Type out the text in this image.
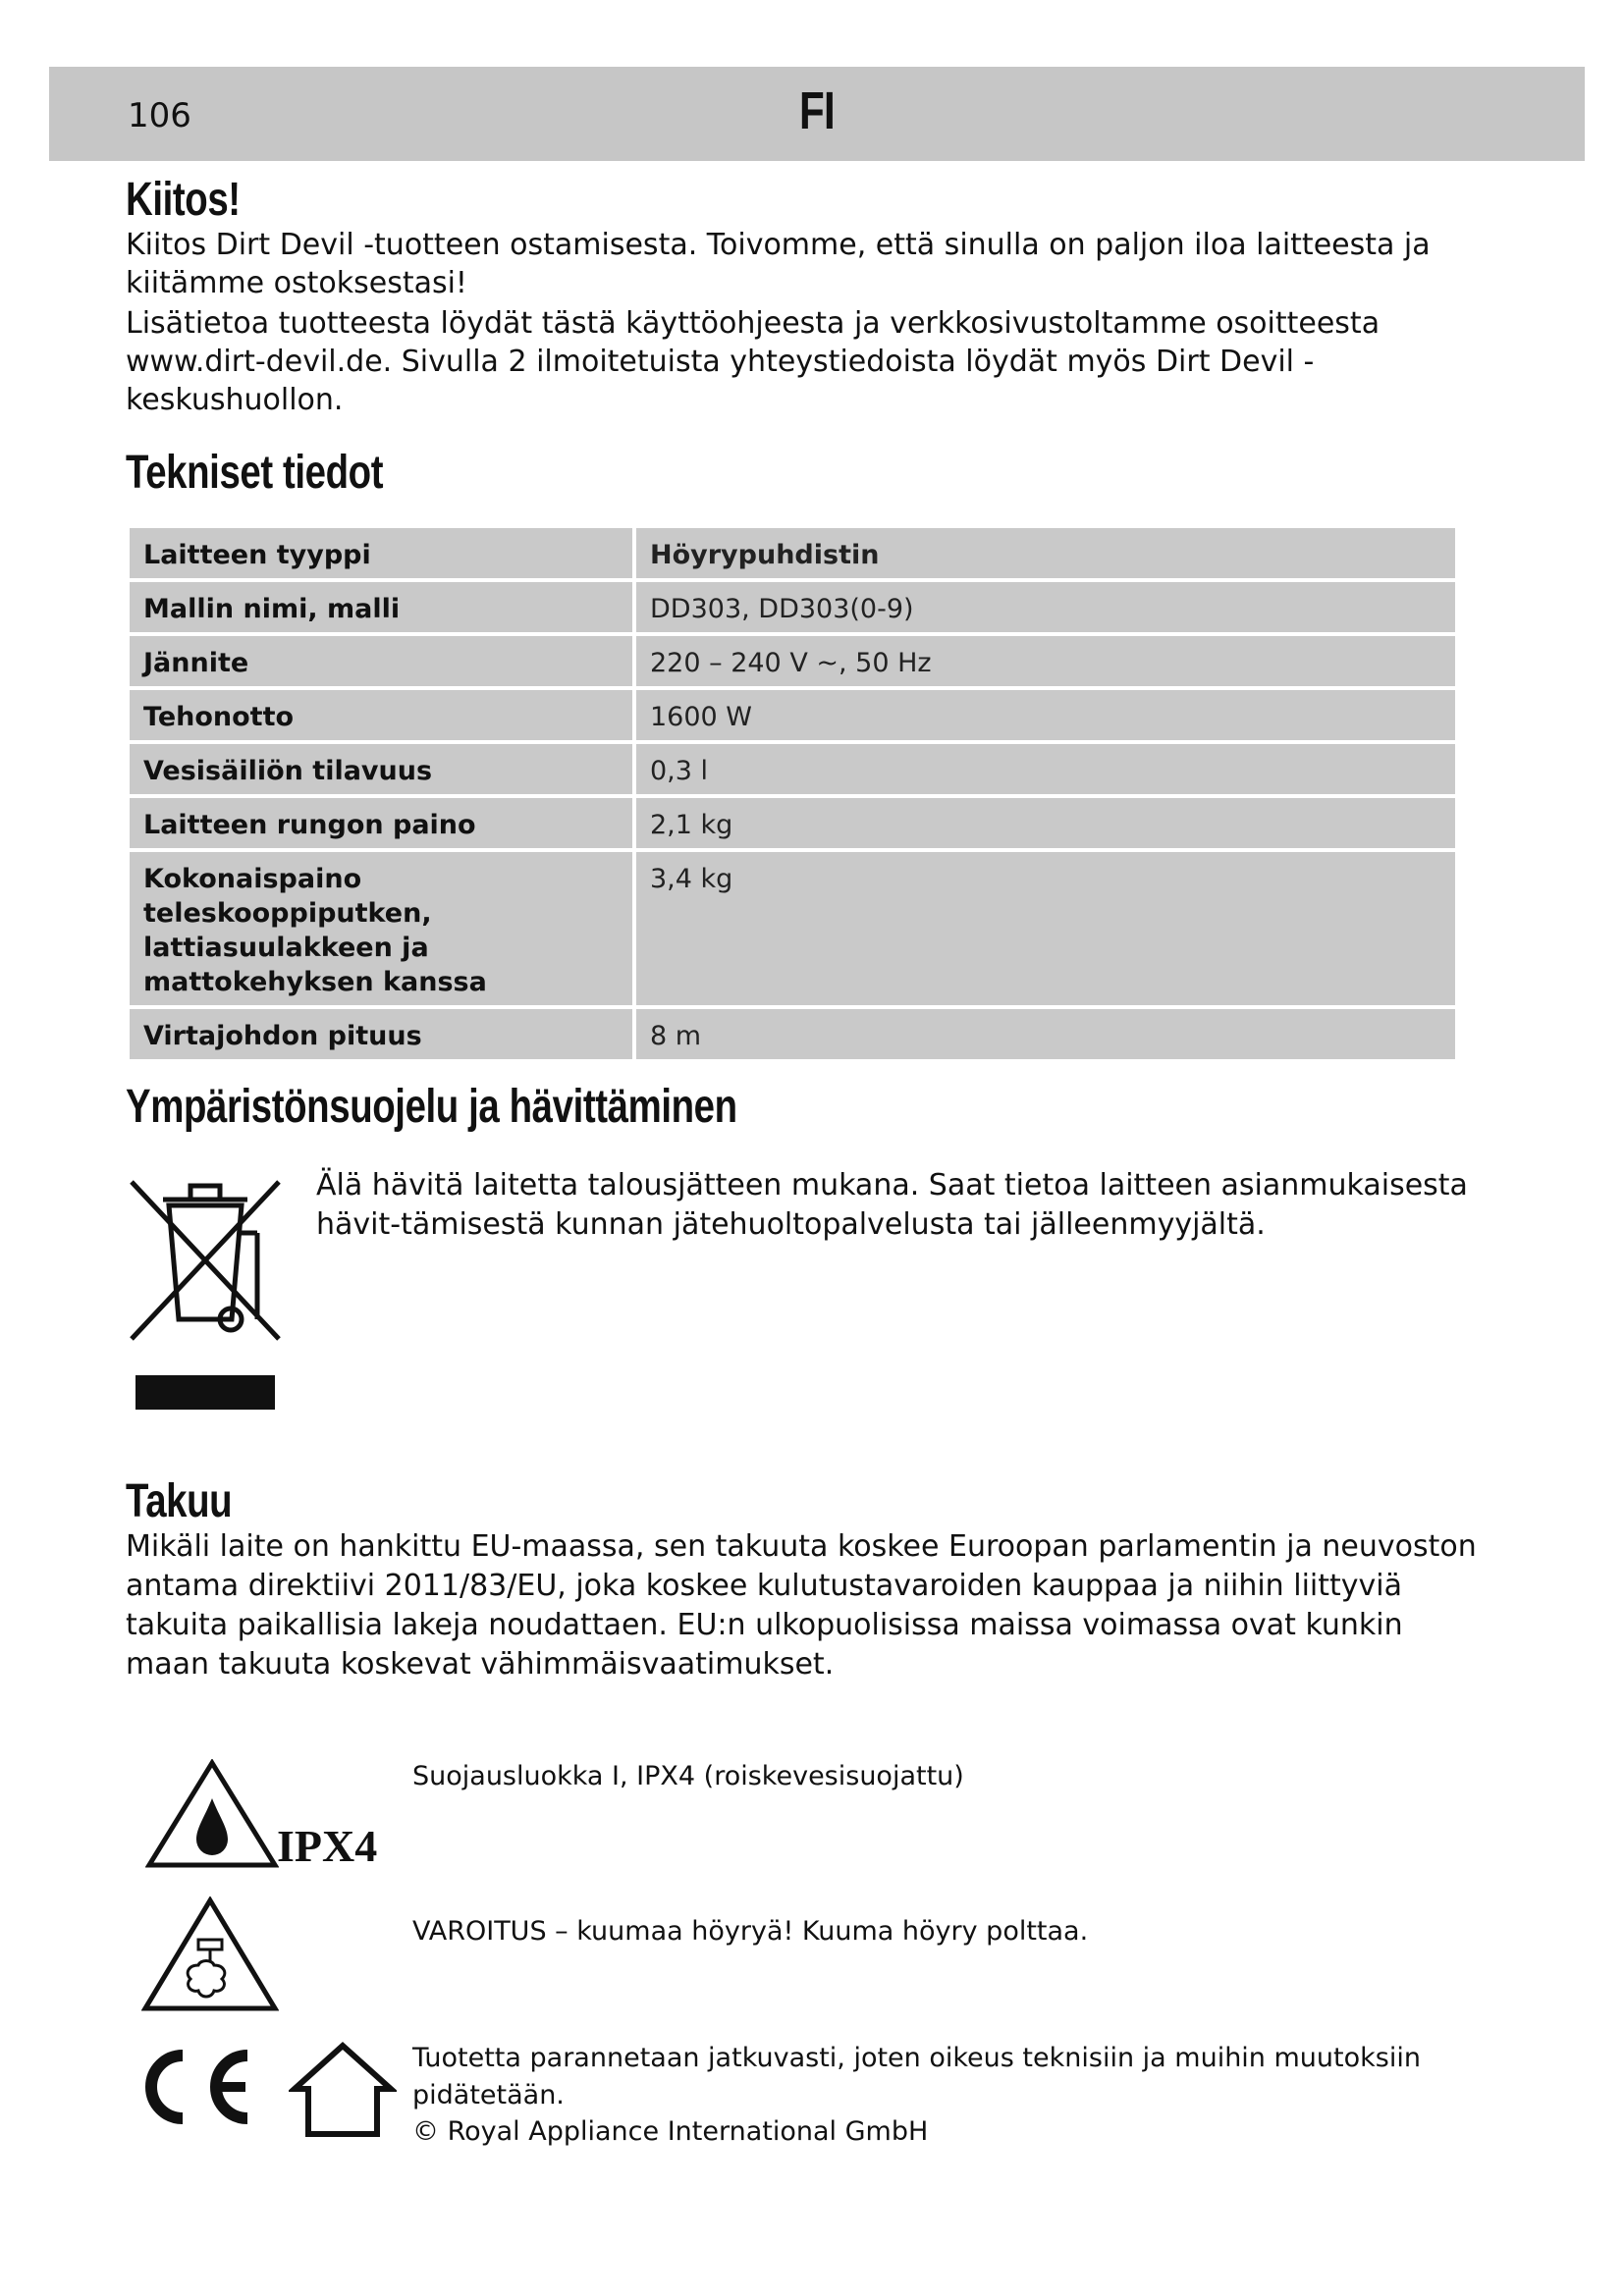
106	FI
Kiitos!

Kiitos Dirt Devil -tuotteen ostamisesta. Toivomme, että sinulla on paljon iloa laitteesta ja kiitämme ostoksestasi!

Lisätietoa tuotteesta löydät tästä käyttöohjeesta ja verkkosivustoltamme osoitteesta www.dirt-devil.de. Sivulla 2 ilmoitetuista yhteystiedoista löydät myös Dirt Devil -keskushuollon.

Tekniset tiedot
Laitteen tyyppi	Höyrypuhdistin
Mallin nimi, malli	DD303, DD303(0-9)
Jännite	220 – 240 V ~, 50 Hz
Tehonotto	1600 W
Vesisäiliön tilavuus	0,3 l
Laitteen rungon paino	2,1 kg
Kokonaispaino teleskooppiputken, lattiasuulakkeen ja mattokehyksen kanssa	3,4 kg
Virtajohdon pituus	8 m
Ympäristönsuojelu ja hävittäminen

Älä hävitä laitetta talousjätteen mukana. Saat tietoa laitteen asianmukaisesta hävit-tämisestä kunnan jätehuoltopalvelusta tai jälleenmyyjältä.

Takuu

Mikäli laite on hankittu EU-maassa, sen takuuta koskee Euroopan parlamentin ja neuvoston antama direktiivi 2011/83/EU, joka koskee kulutustavaroiden kauppaa ja niihin liittyviä takuita paikallisia lakeja noudattaen. EU:n ulkopuolisissa maissa voimassa ovat kunkin maan takuuta koskevat vähimmäisvaatimukset.

IPX4

Suojausluokka I, IPX4 (roiskevesisuojattu)

VAROITUS – kuumaa höyryä! Kuuma höyry polttaa.

Tuotetta parannetaan jatkuvasti, joten oikeus teknisiin ja muihin muutoksiin pidätetään.

© Royal Appliance International GmbH
